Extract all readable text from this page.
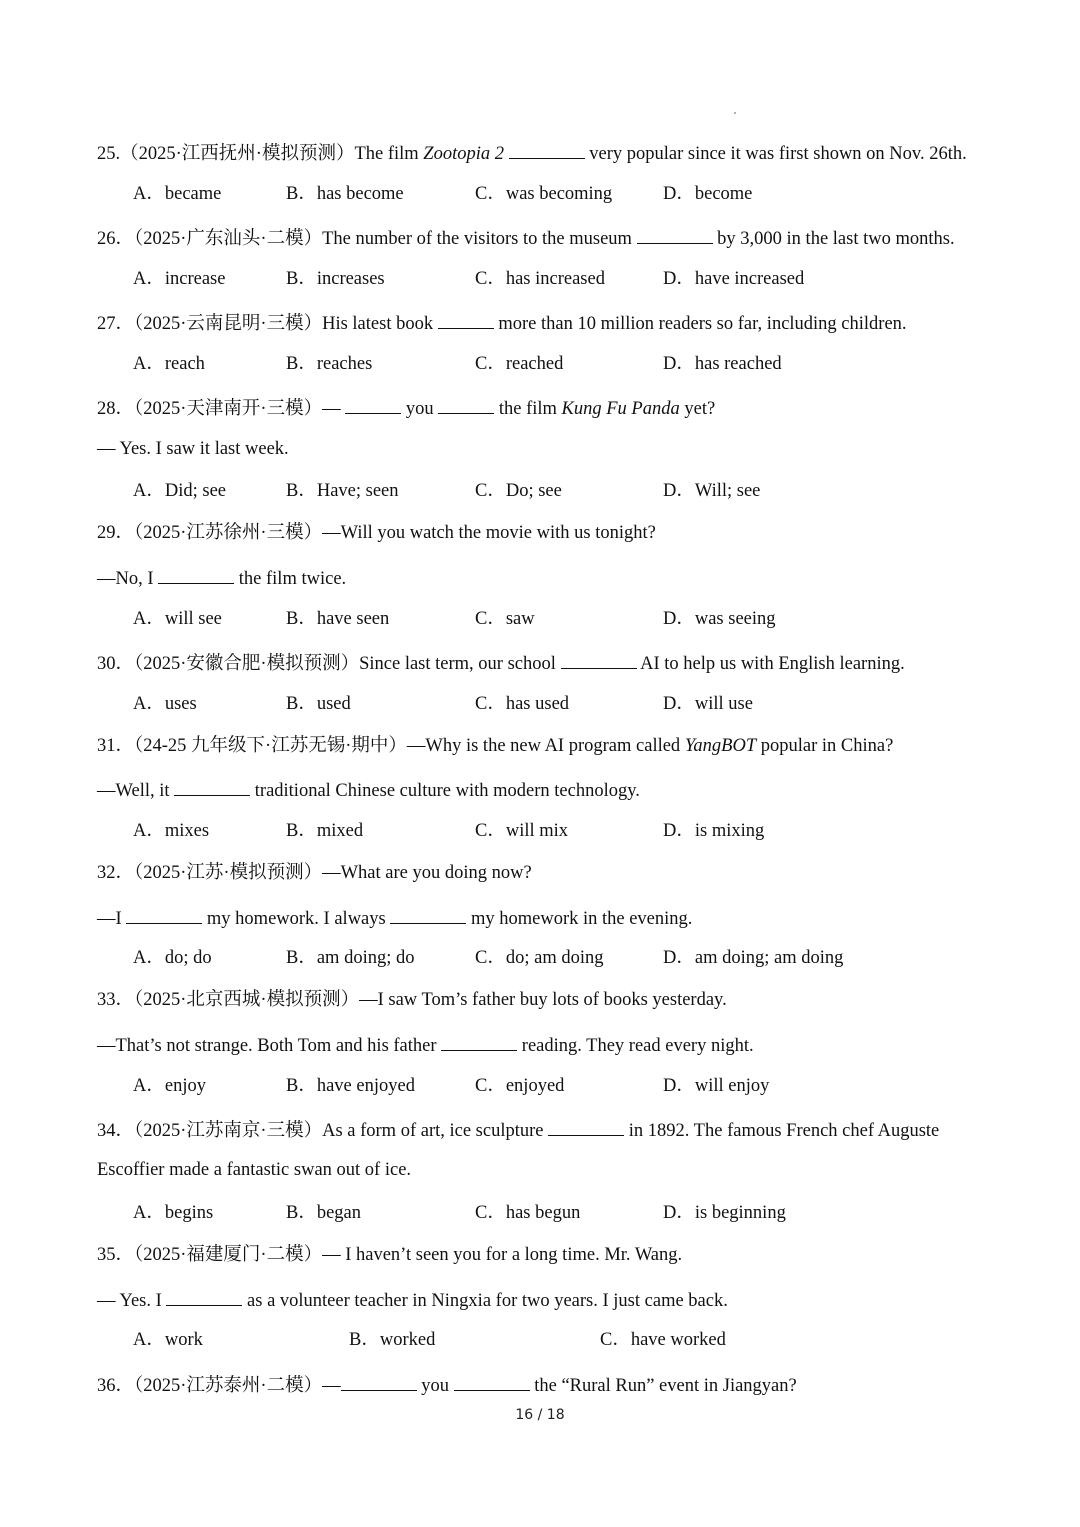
25.（2025·江西抚州·模拟预测）The film Zootopia 2	very popular since it was first shown on Nov. 26th.
A．became	B．has become	C．was becoming	D．become
26．（2025·广东汕头·二模）The number of the visitors to the museum	by 3,000 in the last two months.
A．increase	B．increases	C．has increased	D．have increased
27．（2025·云南昆明·三模）His latest book	more than 10 million readers so far, including children.
A．reach	B．reaches	C．reached	D．has reached
28．（2025·天津南开·三模）—	you	the film Kung Fu Panda yet?
— Yes. I saw it last week.
A．Did; see	B．Have; seen	C．Do; see	D．Will; see
29．（2025·江苏徐州·三模）—Will you watch the movie with us tonight?
—No, I	the film twice.
A．will see	B．have seen	C．saw	D．was seeing
30．（2025·安徽合肥·模拟预测）Since last term, our school	AI to help us with English learning.
A．uses	B．used	C．has used	D．will use
31．（24-25 九年级下·江苏无锡·期中）—Why is the new AI program called YangBOT popular in China?
—Well, it	traditional Chinese culture with modern technology.
A．mixes	B．mixed	C．will mix	D．is mixing
32．（2025·江苏·模拟预测）—What are you doing now?
—I	my homework. I always	my homework in the evening.
A．do; do	B．am doing; do	C．do; am doing	D．am doing; am doing
33．（2025·北京西城·模拟预测）—I saw Tom’s father buy lots of books yesterday.
—That’s not strange. Both Tom and his father	reading. They read every night.
A．enjoy	B．have enjoyed	C．enjoyed	D．will enjoy
34．（2025·江苏南京·三模）As a form of art, ice sculpture	in 1892. The famous French chef Auguste
Escoffier made a fantastic swan out of ice.
A．begins	B．began	C．has begun	D．is beginning
35．（2025·福建厦门·二模）— I haven’t seen you for a long time. Mr. Wang.
— Yes. I	as a volunteer teacher in Ningxia for two years. I just came back.
A．work	B．worked	C．have worked
36．（2025·江苏泰州·二模）—	you	the “Rural Run” event in Jiangyan?
16 / 18
